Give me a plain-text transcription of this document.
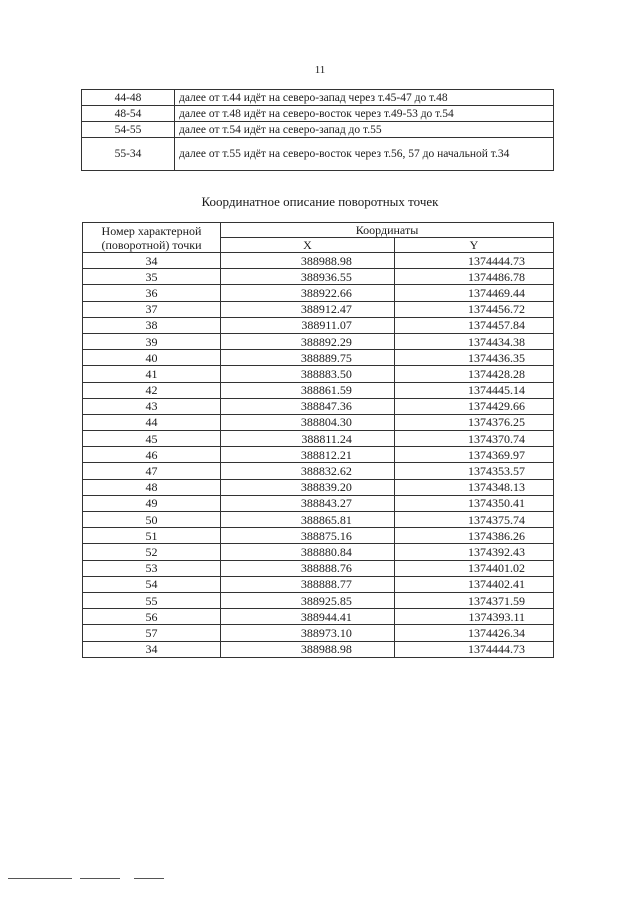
11
44-48	далее от т.44 идёт на северо-запад через т.45-47 до т.48
48-54	далее от т.48 идёт на северо-восток через т.49-53 до т.54
54-55	далее от т.54 идёт на северо-запад до т.55
55-34	далее от т.55 идёт на северо-восток через т.56, 57 до начальной т.34
Координатное описание поворотных точек
Номер характерной (поворотной) точки	Координаты	
	X	Y
34	388988.98	1374444.73
35	388936.55	1374486.78
36	388922.66	1374469.44
37	388912.47	1374456.72
38	388911.07	1374457.84
39	388892.29	1374434.38
40	388889.75	1374436.35
41	388883.50	1374428.28
42	388861.59	1374445.14
43	388847.36	1374429.66
44	388804.30	1374376.25
45	388811.24	1374370.74
46	388812.21	1374369.97
47	388832.62	1374353.57
48	388839.20	1374348.13
49	388843.27	1374350.41
50	388865.81	1374375.74
51	388875.16	1374386.26
52	388880.84	1374392.43
53	388888.76	1374401.02
54	388888.77	1374402.41
55	388925.85	1374371.59
56	388944.41	1374393.11
57	388973.10	1374426.34
34	388988.98	1374444.73
